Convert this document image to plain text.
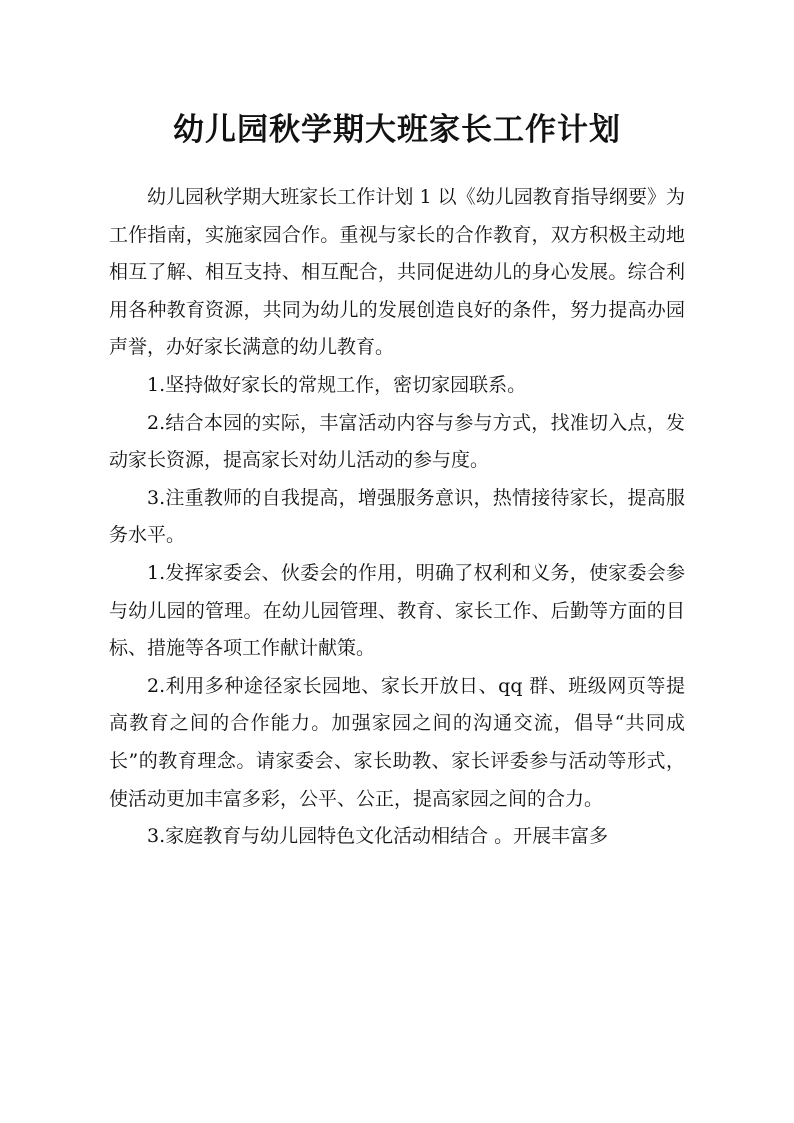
幼儿园秋学期大班家长工作计划

幼儿园秋学期大班家长工作计划 1 以《幼儿园教育指导纲要》为工作指南，实施家园合作。重视与家长的合作教育，双方积极主动地相互了解、相互支持、相互配合，共同促进幼儿的身心发展。综合利用各种教育资源，共同为幼儿的发展创造良好的条件，努力提高办园声誉，办好家长满意的幼儿教育。

1.坚持做好家长的常规工作，密切家园联系。

2.结合本园的实际，丰富活动内容与参与方式，找准切入点，发动家长资源，提高家长对幼儿活动的参与度。

3.注重教师的自我提高，增强服务意识，热情接待家长，提高服务水平。

1.发挥家委会、伙委会的作用，明确了权利和义务，使家委会参与幼儿园的管理。在幼儿园管理、教育、家长工作、后勤等方面的目标、措施等各项工作献计献策。

2.利用多种途径家长园地、家长开放日、qq 群、班级网页等提高教育之间的合作能力。加强家园之间的沟通交流，倡导“共同成长”的教育理念。请家委会、家长助教、家长评委参与活动等形式，使活动更加丰富多彩，公平、公正，提高家园之间的合力。

3.家庭教育与幼儿园特色文化活动相结合 。开展丰富多
